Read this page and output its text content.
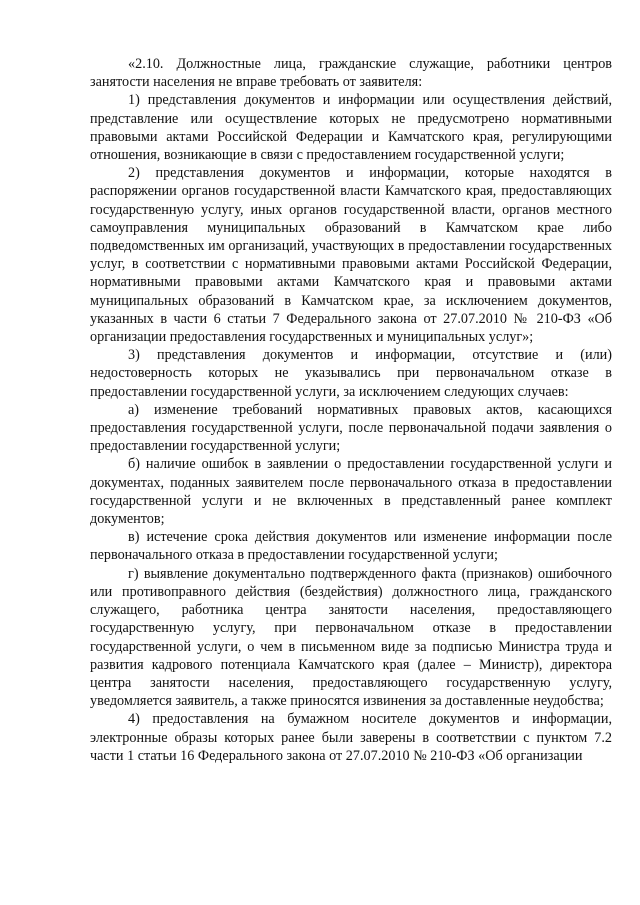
«2.10. Должностные лица, гражданские служащие, работники центров занятости населения не вправе требовать от заявителя:

1) представления документов и информации или осуществления действий, представление или осуществление которых не предусмотрено нормативными правовыми актами Российской Федерации и Камчатского края, регулирующими отношения, возникающие в связи с предоставлением государственной услуги;

2) представления документов и информации, которые находятся в распоряжении органов государственной власти Камчатского края, предоставляющих государственную услугу, иных органов государственной власти, органов местного самоуправления муниципальных образований в Камчатском крае либо подведомственных им организаций, участвующих в предоставлении государственных услуг, в соответствии с нормативными правовыми актами Российской Федерации, нормативными правовыми актами Камчатского края и правовыми актами муниципальных образований в Камчатском крае, за исключением документов, указанных в части 6 статьи 7 Федерального закона от 27.07.2010 № 210-ФЗ «Об организации предоставления государственных и муниципальных услуг»;

3) представления документов и информации, отсутствие и (или) недостоверность которых не указывались при первоначальном отказе в предоставлении государственной услуги, за исключением следующих случаев:

а) изменение требований нормативных правовых актов, касающихся предоставления государственной услуги, после первоначальной подачи заявления о предоставлении государственной услуги;

б) наличие ошибок в заявлении о предоставлении государственной услуги и документах, поданных заявителем после первоначального отказа в предоставлении государственной услуги и не включенных в представленный ранее комплект документов;

в) истечение срока действия документов или изменение информации после первоначального отказа в предоставлении государственной услуги;

г) выявление документально подтвержденного факта (признаков) ошибочного или противоправного действия (бездействия) должностного лица, гражданского служащего, работника центра занятости населения, предоставляющего государственную услугу, при первоначальном отказе в предоставлении государственной услуги, о чем в письменном виде за подписью Министра труда и развития кадрового потенциала Камчатского края (далее – Министр), директора центра занятости населения, предоставляющего государственную услугу, уведомляется заявитель, а также приносятся извинения за доставленные неудобства;

4) предоставления на бумажном носителе документов и информации, электронные образы которых ранее были заверены в соответствии с пунктом 7.2 части 1 статьи 16 Федерального закона от 27.07.2010 № 210-ФЗ «Об организации
